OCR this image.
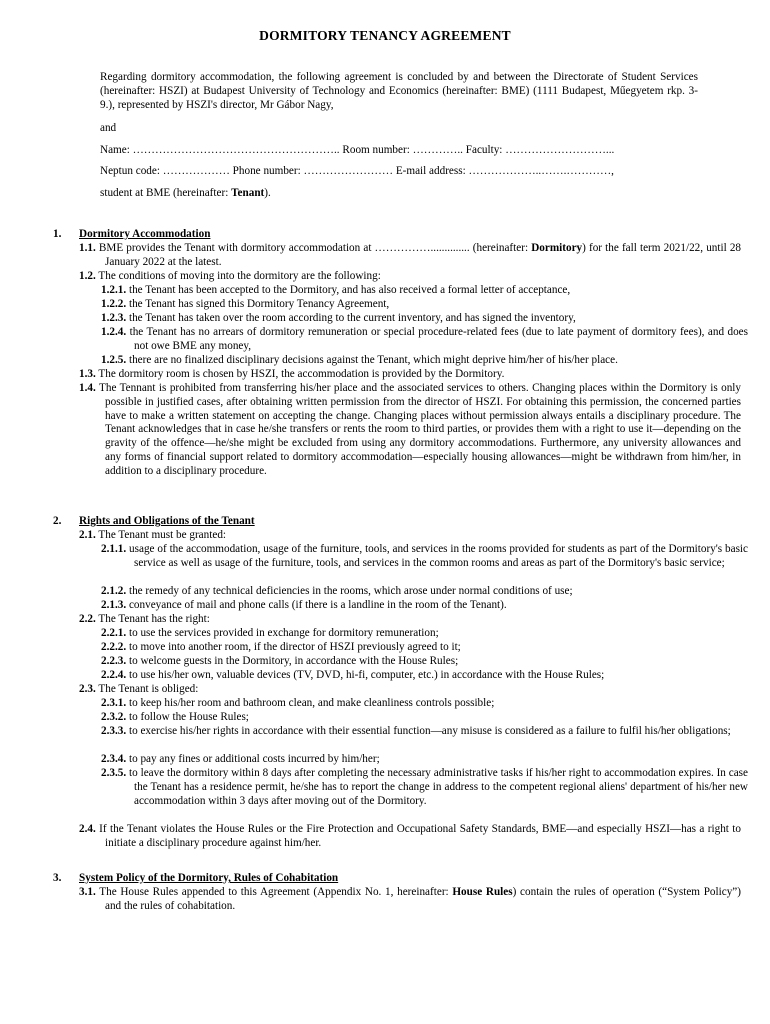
DORMITORY TENANCY AGREEMENT
Regarding dormitory accommodation, the following agreement is concluded by and between the Directorate of Student Services (hereinafter: HSZI) at Budapest University of Technology and Economics (hereinafter: BME) (1111 Budapest, Műegyetem rkp. 3-9.), represented by HSZI's director, Mr Gábor Nagy,
and
Name: ……………………………………………….. Room number: ………….. Faculty: ………………………...
Neptun code: ……………… Phone number: …………………… E-mail address: ………………..…….…………,
student at BME (hereinafter: Tenant).
1. Dormitory Accommodation
1.1. BME provides the Tenant with dormitory accommodation at …………….............. (hereinafter: Dormitory) for the fall term 2021/22, until 28 January 2022 at the latest.
1.2. The conditions of moving into the dormitory are the following:
1.2.1. the Tenant has been accepted to the Dormitory, and has also received a formal letter of acceptance,
1.2.2. the Tenant has signed this Dormitory Tenancy Agreement,
1.2.3. the Tenant has taken over the room according to the current inventory, and has signed the inventory,
1.2.4. the Tenant has no arrears of dormitory remuneration or special procedure-related fees (due to late payment of dormitory fees), and does not owe BME any money,
1.2.5. there are no finalized disciplinary decisions against the Tenant, which might deprive him/her of his/her place.
1.3. The dormitory room is chosen by HSZI, the accommodation is provided by the Dormitory.
1.4. The Tennant is prohibited from transferring his/her place and the associated services to others. Changing places within the Dormitory is only possible in justified cases, after obtaining written permission from the director of HSZI. For obtaining this permission, the concerned parties have to make a written statement on accepting the change. Changing places without permission always entails a disciplinary procedure. The Tenant acknowledges that in case he/she transfers or rents the room to third parties, or provides them with a right to use it—depending on the gravity of the offence—he/she might be excluded from using any dormitory accommodations. Furthermore, any university allowances and any forms of financial support related to dormitory accommodation—especially housing allowances—might be withdrawn from him/her, in addition to a disciplinary procedure.
2. Rights and Obligations of the Tenant
2.1. The Tenant must be granted:
2.1.1. usage of the accommodation, usage of the furniture, tools, and services in the rooms provided for students as part of the Dormitory's basic service as well as usage of the furniture, tools, and services in the common rooms and areas as part of the Dormitory's basic service;
2.1.2. the remedy of any technical deficiencies in the rooms, which arose under normal conditions of use;
2.1.3. conveyance of mail and phone calls (if there is a landline in the room of the Tenant).
2.2. The Tenant has the right:
2.2.1. to use the services provided in exchange for dormitory remuneration;
2.2.2. to move into another room, if the director of HSZI previously agreed to it;
2.2.3. to welcome guests in the Dormitory, in accordance with the House Rules;
2.2.4. to use his/her own, valuable devices (TV, DVD, hi-fi, computer, etc.) in accordance with the House Rules;
2.3. The Tenant is obliged:
2.3.1. to keep his/her room and bathroom clean, and make cleanliness controls possible;
2.3.2. to follow the House Rules;
2.3.3. to exercise his/her rights in accordance with their essential function—any misuse is considered as a failure to fulfil his/her obligations;
2.3.4. to pay any fines or additional costs incurred by him/her;
2.3.5. to leave the dormitory within 8 days after completing the necessary administrative tasks if his/her right to accommodation expires. In case the Tenant has a residence permit, he/she has to report the change in address to the competent regional aliens' department of his/her new accommodation within 3 days after moving out of the Dormitory.
2.4. If the Tenant violates the House Rules or the Fire Protection and Occupational Safety Standards, BME—and especially HSZI—has a right to initiate a disciplinary procedure against him/her.
3. System Policy of the Dormitory, Rules of Cohabitation
3.1. The House Rules appended to this Agreement (Appendix No. 1, hereinafter: House Rules) contain the rules of operation (“System Policy”) and the rules of cohabitation.
